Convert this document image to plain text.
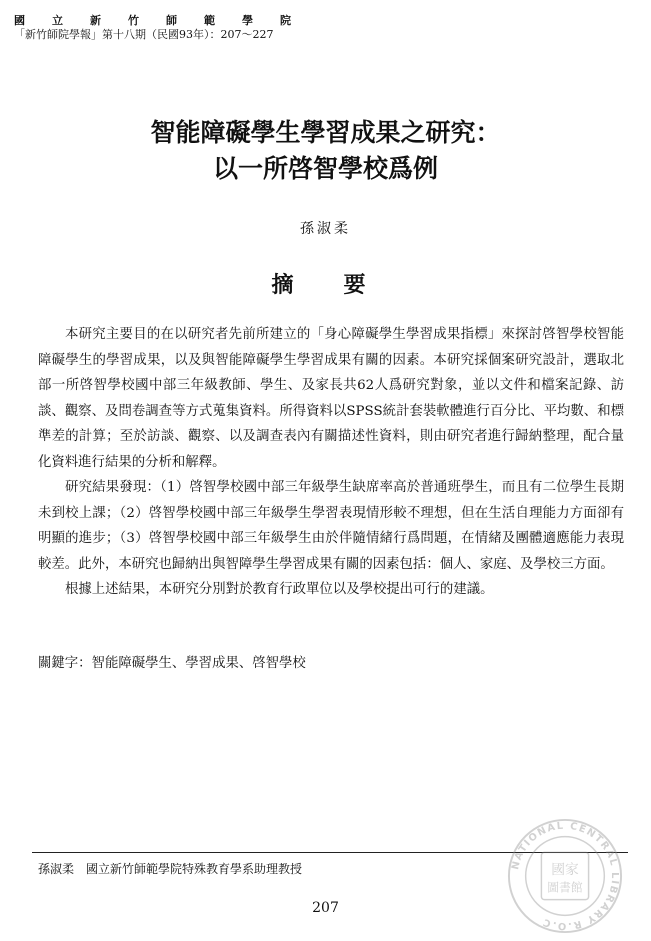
國立新竹師範學院
「新竹師院學報」第十八期（民國93年）：207～227
智能障礙學生學習成果之研究：
以一所啓智學校爲例
孫淑柔
摘　要

本研究主要目的在以研究者先前所建立的「身心障礙學生學習成果指標」來探討啓智學校智能障礙學生的學習成果，以及與智能障礙學生學習成果有關的因素。本研究採個案研究設計，選取北部一所啓智學校國中部三年級教師、學生、及家長共62人爲研究對象，並以文件和檔案記錄、訪談、觀察、及問卷調查等方式蒐集資料。所得資料以SPSS統計套裝軟體進行百分比、平均數、和標準差的計算；至於訪談、觀察、以及調查表內有關描述性資料，則由研究者進行歸納整理，配合量化資料進行結果的分析和解釋。

研究結果發現：（1）啓智學校國中部三年級學生缺席率高於普通班學生，而且有二位學生長期未到校上課；（2）啓智學校國中部三年級學生學習表現情形較不理想，但在生活自理能力方面卻有明顯的進步；（3）啓智學校國中部三年級學生由於伴隨情緒行爲問題，在情緒及團體適應能力表現較差。此外，本研究也歸納出與智障學生學習成果有關的因素包括：個人、家庭、及學校三方面。

根據上述結果，本研究分別對於教育行政單位以及學校提出可行的建議。

關鍵字：智能障礙學生、學習成果、啓智學校
孫淑柔　國立新竹師範學院特殊教育學系助理教授
207
NATIONAL CENTRAL LIBRARY R.O.C
國家
圖書館
